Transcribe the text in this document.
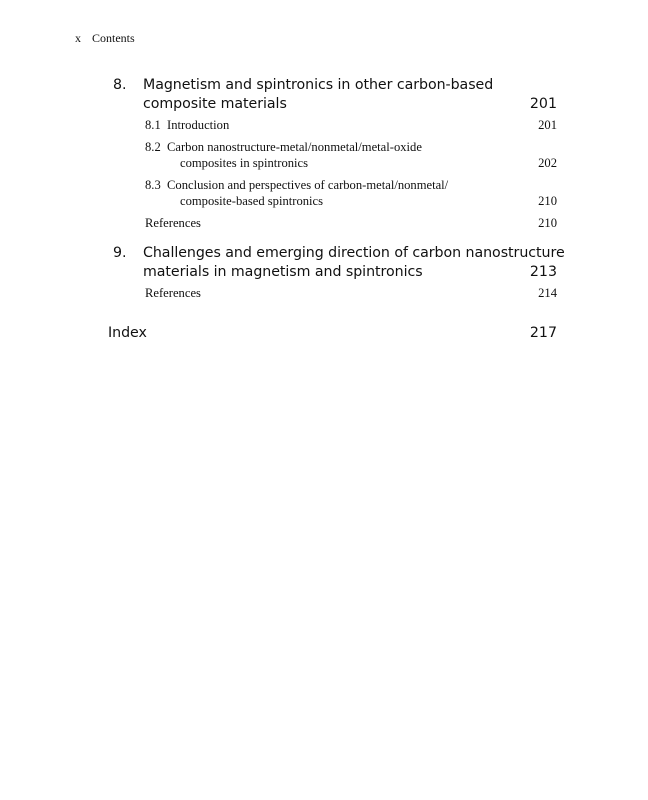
x Contents
8. Magnetism and spintronics in other carbon-based
composite materials	201
8.1 Introduction	201
8.2 Carbon nanostructure-metal/nonmetal/metal-oxide
composites in spintronics	202
8.3 Conclusion and perspectives of carbon-metal/nonmetal/
composite-based spintronics	210
References	210
9. Challenges and emerging direction of carbon nanostructure
materials in magnetism and spintronics	213
References	214
Index	217
